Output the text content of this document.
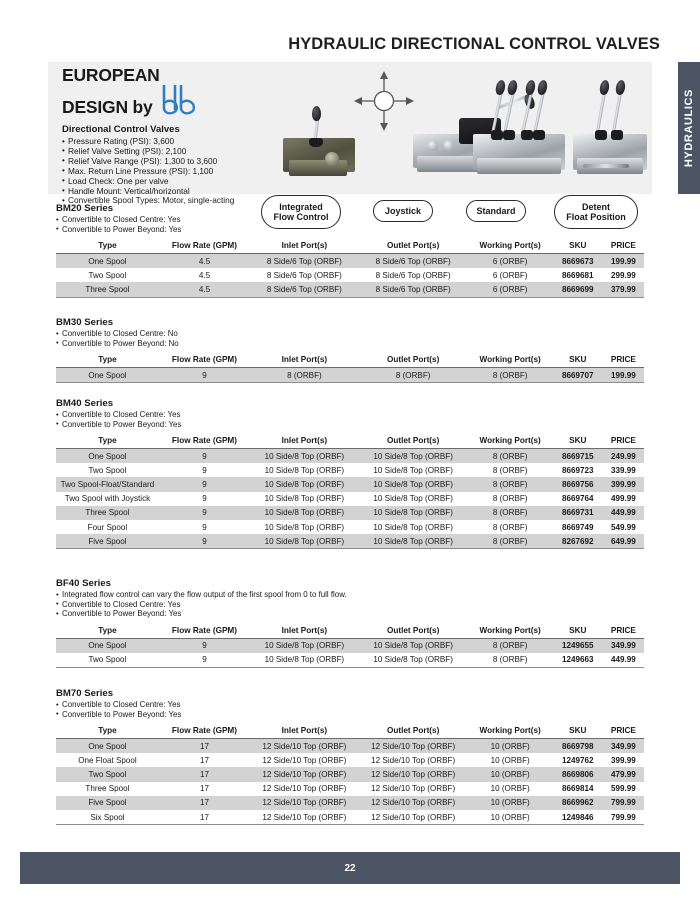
HYDRAULIC DIRECTIONAL CONTROL VALVES
HYDRAULICS
EUROPEAN
DESIGN by
Directional Control Valves
• Pressure Rating (PSI): 3,600
• Relief Valve Setting (PSI): 2,100
• Relief Valve Range (PSI): 1,300 to 3,600
• Max. Return Line Pressure (PSI): 1,100
• Load Check: One per valve
• Handle Mount: Vertical/horizontal
• Convertible Spool Types: Motor, single-acting
Integrated
Flow Control
Joystick	Standard	Detent
Float Position
BM20 Series
• Convertible to Closed Centre: Yes
• Convertible to Power Beyond: Yes
Type	Flow Rate (GPM)	Inlet Port(s)	Outlet Port(s)	Working Port(s)	SKU	PRICE
One Spool	4.5	8 Side/6 Top (ORBF)	8 Side/6 Top (ORBF)	6 (ORBF)	8669673	199.99
Two Spool	4.5	8 Side/6 Top (ORBF)	8 Side/6 Top (ORBF)	6 (ORBF)	8669681	299.99
Three Spool	4.5	8 Side/6 Top (ORBF)	8 Side/6 Top (ORBF)	6 (ORBF)	8669699	379.99
BM30 Series
• Convertible to Closed Centre: No
• Convertible to Power Beyond: No
Type	Flow Rate (GPM)	Inlet Port(s)	Outlet Port(s)	Working Port(s)	SKU	PRICE
One Spool	9	8 (ORBF)	8 (ORBF)	8 (ORBF)	8669707	199.99
BM40 Series
• Convertible to Closed Centre: Yes
• Convertible to Power Beyond: Yes
Type	Flow Rate (GPM)	Inlet Port(s)	Outlet Port(s)	Working Port(s)	SKU	PRICE
One Spool	9	10 Side/8 Top (ORBF)	10 Side/8 Top (ORBF)	8 (ORBF)	8669715	249.99
Two Spool	9	10 Side/8 Top (ORBF)	10 Side/8 Top (ORBF)	8 (ORBF)	8669723	339.99
Two Spool-Float/Standard	9	10 Side/8 Top (ORBF)	10 Side/8 Top (ORBF)	8 (ORBF)	8669756	399.99
Two Spool with Joystick	9	10 Side/8 Top (ORBF)	10 Side/8 Top (ORBF)	8 (ORBF)	8669764	499.99
Three Spool	9	10 Side/8 Top (ORBF)	10 Side/8 Top (ORBF)	8 (ORBF)	8669731	449.99
Four Spool	9	10 Side/8 Top (ORBF)	10 Side/8 Top (ORBF)	8 (ORBF)	8669749	549.99
Five Spool	9	10 Side/8 Top (ORBF)	10 Side/8 Top (ORBF)	8 (ORBF)	8267692	649.99
BF40 Series
• Integrated flow control can vary the flow output of the first spool from 0 to full flow.
• Convertible to Closed Centre: Yes
• Convertible to Power Beyond: Yes
Type	Flow Rate (GPM)	Inlet Port(s)	Outlet Port(s)	Working Port(s)	SKU	PRICE
One Spool	9	10 Side/8 Top (ORBF)	10 Side/8 Top (ORBF)	8 (ORBF)	1249655	349.99
Two Spool	9	10 Side/8 Top (ORBF)	10 Side/8 Top (ORBF)	8 (ORBF)	1249663	449.99
BM70 Series
• Convertible to Closed Centre: Yes
• Convertible to Power Beyond: Yes
Type	Flow Rate (GPM)	Inlet Port(s)	Outlet Port(s)	Working Port(s)	SKU	PRICE
One Spool	17	12 Side/10 Top (ORBF)	12 Side/10 Top (ORBF)	10 (ORBF)	8669798	349.99
One Float Spool	17	12 Side/10 Top (ORBF)	12 Side/10 Top (ORBF)	10 (ORBF)	1249762	399.99
Two Spool	17	12 Side/10 Top (ORBF)	12 Side/10 Top (ORBF)	10 (ORBF)	8669806	479.99
Three Spool	17	12 Side/10 Top (ORBF)	12 Side/10 Top (ORBF)	10 (ORBF)	8669814	599.99
Five Spool	17	12 Side/10 Top (ORBF)	12 Side/10 Top (ORBF)	10 (ORBF)	8669962	799.99
Six Spool	17	12 Side/10 Top (ORBF)	12 Side/10 Top (ORBF)	10 (ORBF)	1249846	799.99
22
